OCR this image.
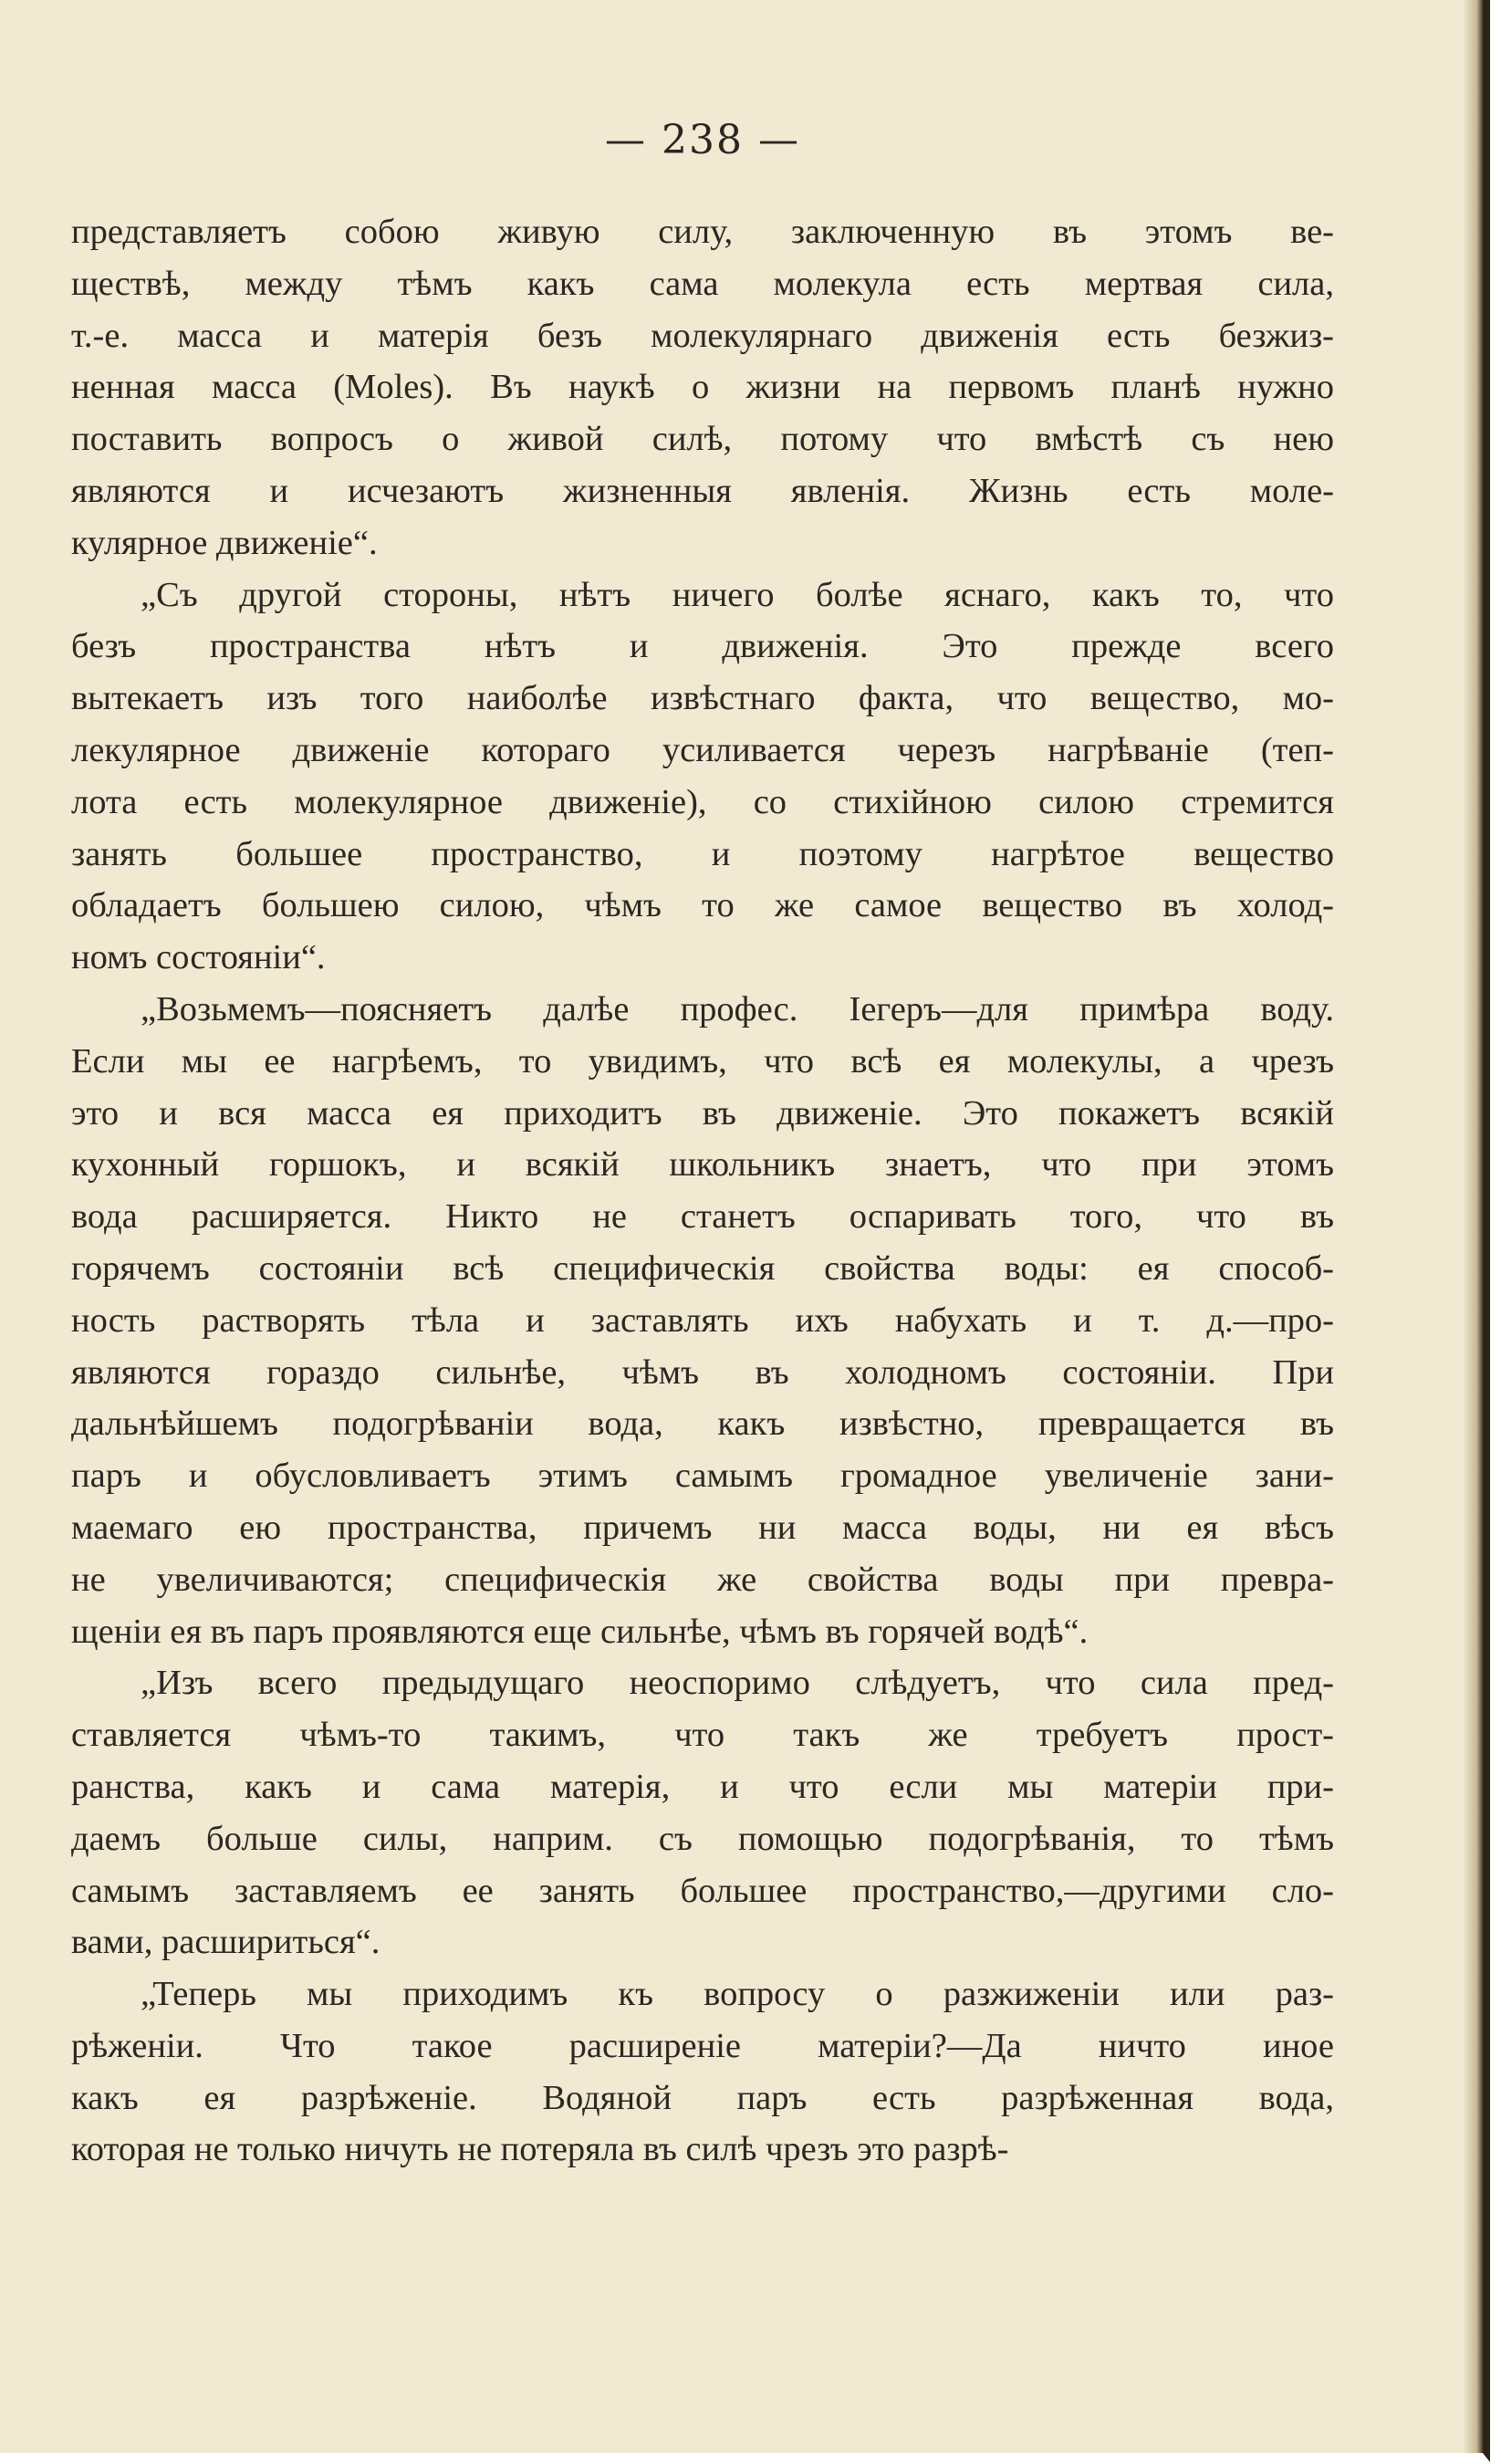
— 238 —
представляетъ собою живую силу, заключенную въ этомъ ве-
ществѣ, между тѣмъ какъ сама молекула есть мертвая сила,
т.-е. масса и матерія безъ молекулярнаго движенія есть безжиз-
ненная масса (Moles). Въ наукѣ о жизни на первомъ планѣ нужно
поставить вопросъ о живой силѣ, потому что вмѣстѣ съ нею
являются и исчезаютъ жизненныя явленія. Жизнь есть моле-
кулярное движеніе“.
„Съ другой стороны, нѣтъ ничего болѣе яснаго, какъ то, что
безъ пространства нѣтъ и движенія. Это прежде всего
вытекаетъ изъ того наиболѣе извѣстнаго факта, что вещество, мо-
лекулярное движеніе котораго усиливается черезъ нагрѣваніе (теп-
лота есть молекулярное движеніе), со стихійною силою стремится
занять большее пространство, и поэтому нагрѣтое вещество
обладаетъ большею силою, чѣмъ то же самое вещество въ холод-
номъ состояніи“.
„Возьмемъ—поясняетъ далѣе профес. Іегеръ—для примѣра воду.
Если мы ее нагрѣемъ, то увидимъ, что всѣ ея молекулы, а чрезъ
это и вся масса ея приходитъ въ движеніе. Это покажетъ всякій
кухонный горшокъ, и всякій школьникъ знаетъ, что при этомъ
вода расширяется. Никто не станетъ оспаривать того, что въ
горячемъ состояніи всѣ специфическія свойства воды: ея способ-
ность растворять тѣла и заставлять ихъ набухать и т. д.—про-
являются гораздо сильнѣе, чѣмъ въ холодномъ состояніи. При
дальнѣйшемъ подогрѣваніи вода, какъ извѣстно, превращается въ
паръ и обусловливаетъ этимъ самымъ громадное увеличеніе зани-
маемаго ею пространства, причемъ ни масса воды, ни ея вѣсъ
не увеличиваются; специфическія же свойства воды при превра-
щеніи ея въ паръ проявляются еще сильнѣе, чѣмъ въ горячей водѣ“.
„Изъ всего предыдущаго неоспоримо слѣдуетъ, что сила пред-
ставляется чѣмъ-то такимъ, что такъ же требуетъ прост-
ранства, какъ и сама матерія, и что если мы матеріи при-
даемъ больше силы, наприм. съ помощью подогрѣванія, то тѣмъ
самымъ заставляемъ ее занять большее пространство,—другими сло-
вами, расшириться“.
„Теперь мы приходимъ къ вопросу о разжиженіи или раз-
рѣженіи. Что такое расширеніе матеріи?—Да ничто иное
какъ ея разрѣженіе. Водяной паръ есть разрѣженная вода,
которая не только ничуть не потеряла въ силѣ чрезъ это разрѣ-
